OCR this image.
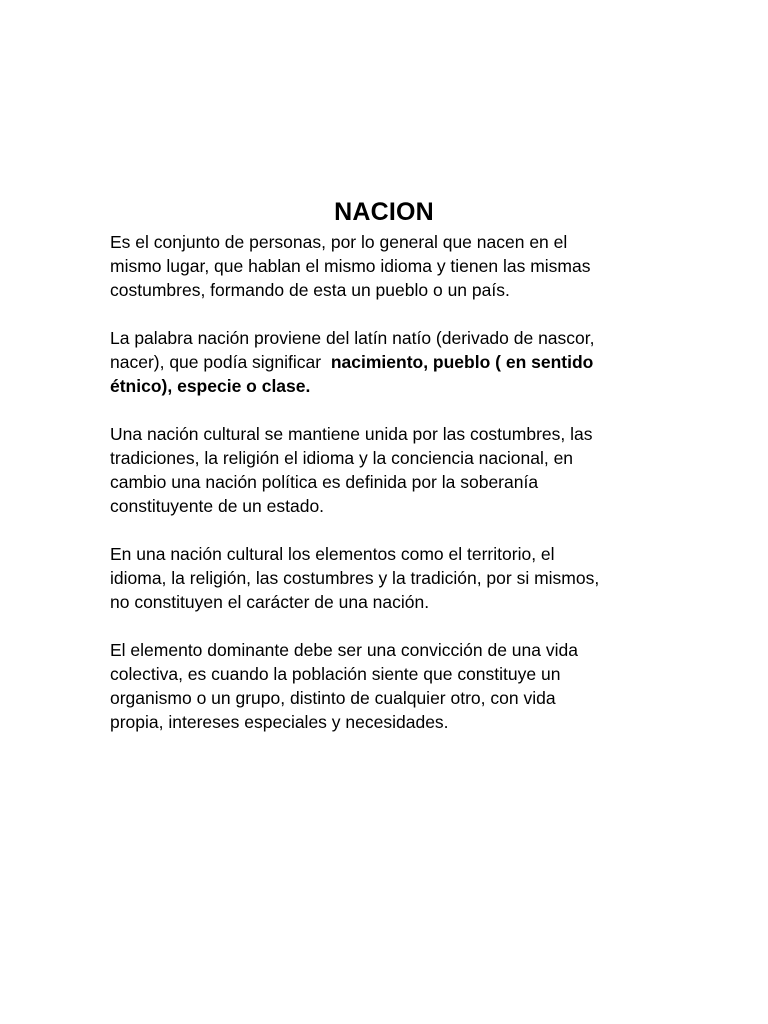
NACION

Es el conjunto de personas, por lo general que nacen en el
mismo lugar, que hablan el mismo idioma y tienen las mismas
costumbres, formando de esta un pueblo o un país.

La palabra nación proviene del latín natío (derivado de nascor,
nacer), que podía significar  nacimiento, pueblo ( en sentido
étnico), especie o clase.

Una nación cultural se mantiene unida por las costumbres, las
tradiciones, la religión el idioma y la conciencia nacional, en
cambio una nación política es definida por la soberanía
constituyente de un estado.

En una nación cultural los elementos como el territorio, el
idioma, la religión, las costumbres y la tradición, por si mismos,
no constituyen el carácter de una nación.

El elemento dominante debe ser una convicción de una vida
colectiva, es cuando la población siente que constituye un
organismo o un grupo, distinto de cualquier otro, con vida
propia, intereses especiales y necesidades.
